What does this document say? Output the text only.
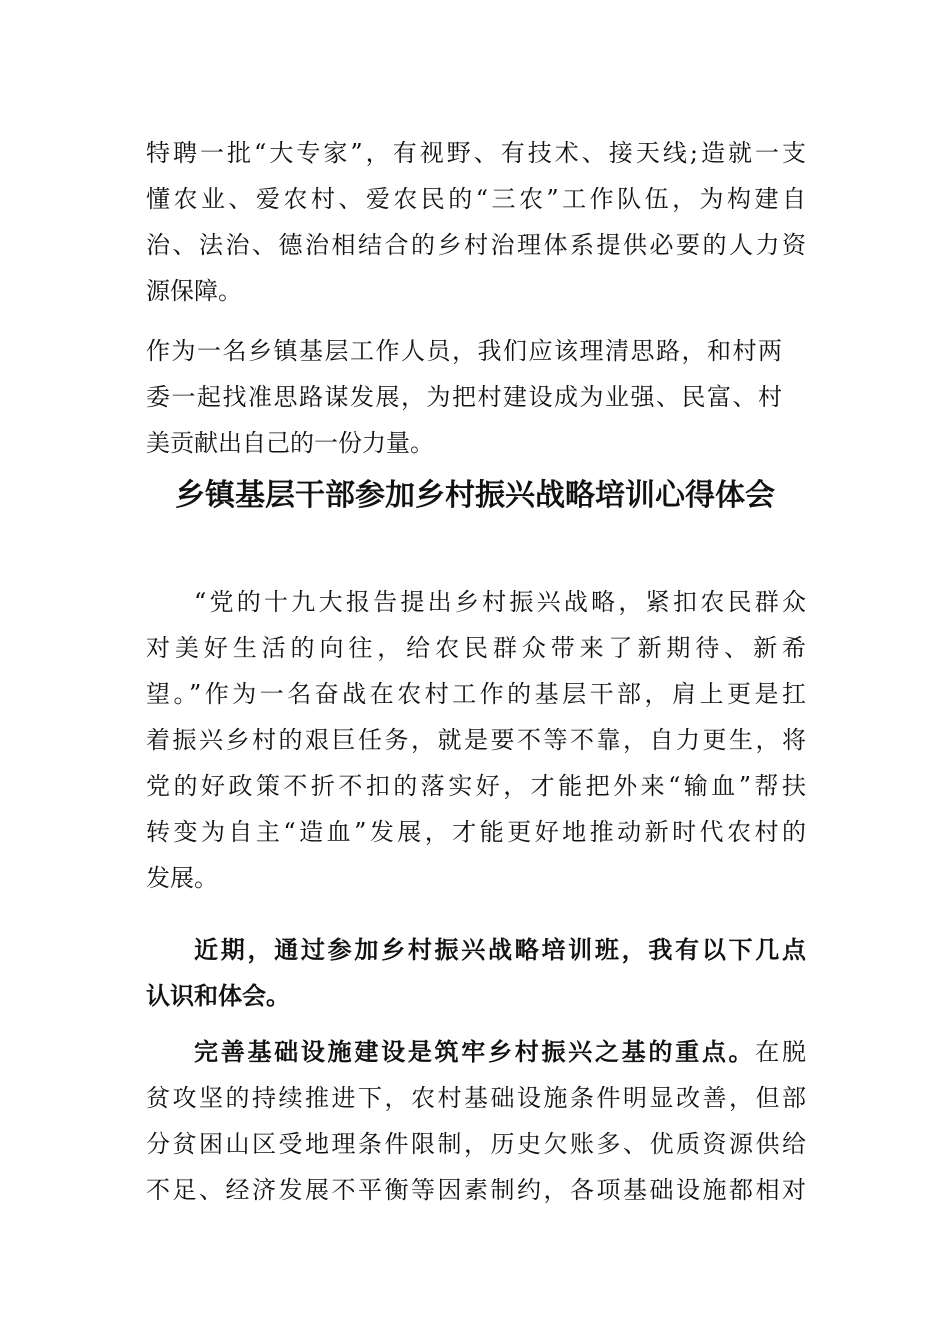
特聘一批“大专家”，有视野、有技术、接天线;造就一支
懂农业、爱农村、爱农民的“三农”工作队伍，为构建自
治、法治、德治相结合的乡村治理体系提供必要的人力资
源保障。
作为一名乡镇基层工作人员，我们应该理清思路，和村两
委一起找准思路谋发展，为把村建设成为业强、民富、村
美贡献出自己的一份力量。
乡镇基层干部参加乡村振兴战略培训心得体会
“党的十九大报告提出乡村振兴战略，紧扣农民群众
对美好生活的向往，给农民群众带来了新期待、新希
望。”作为一名奋战在农村工作的基层干部，肩上更是扛
着振兴乡村的艰巨任务，就是要不等不靠，自力更生，将
党的好政策不折不扣的落实好，才能把外来“输血”帮扶
转变为自主“造血”发展，才能更好地推动新时代农村的
发展。
近期，通过参加乡村振兴战略培训班，我有以下几点
认识和体会。
完善基础设施建设是筑牢乡村振兴之基的重点。在脱
贫攻坚的持续推进下，农村基础设施条件明显改善，但部
分贫困山区受地理条件限制，历史欠账多、优质资源供给
不足、经济发展不平衡等因素制约，各项基础设施都相对
